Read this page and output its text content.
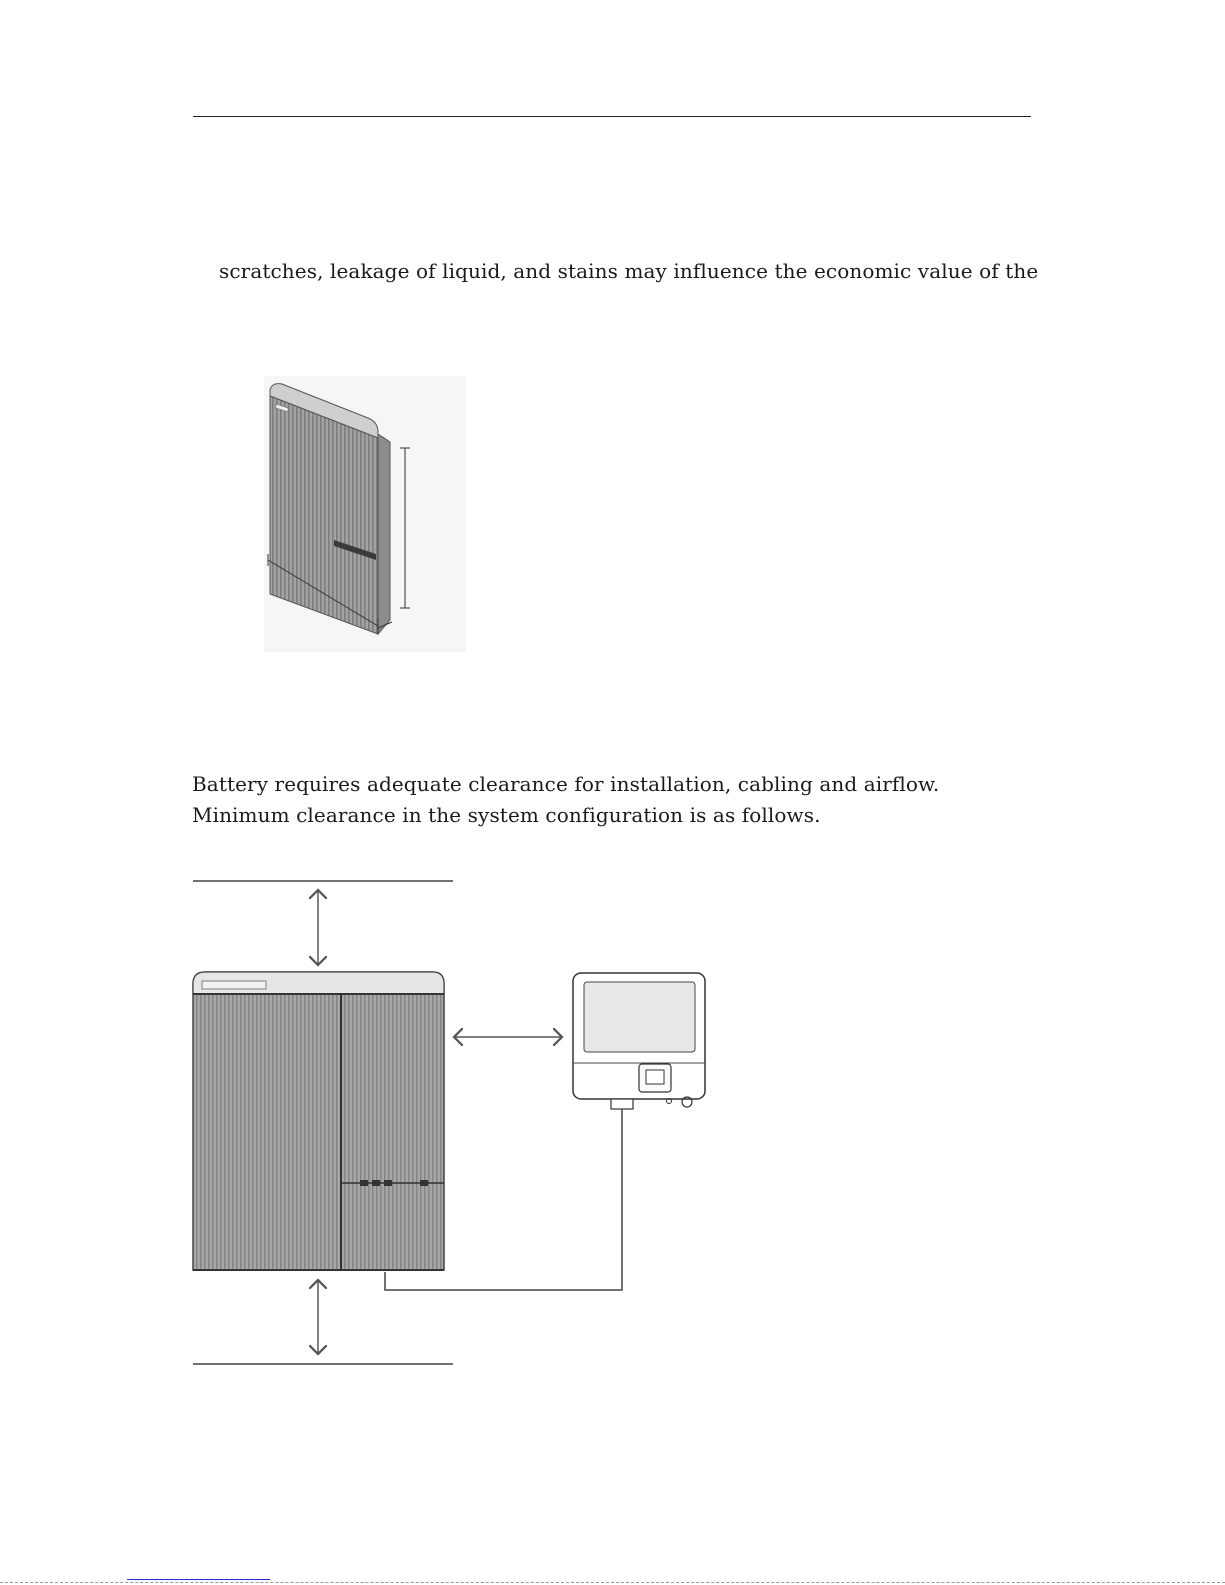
scratches, leakage of liquid, and stains may influence the economic value of the
Battery requires adequate clearance for installation, cabling and airflow.
Minimum clearance in the system configuration is as follows.
